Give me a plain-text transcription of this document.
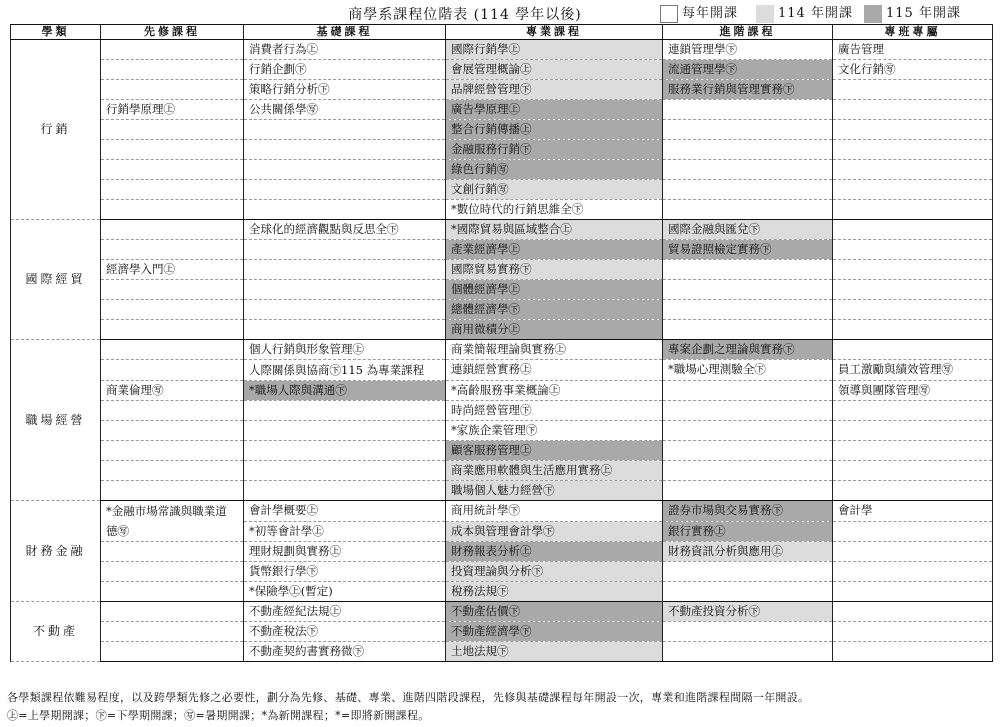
商學系課程位階表 (114 學年以後)	每年開課	114 年開課	115 年開課
學類	先修課程	基礎課程	專業課程	進階課程	專班專屬
行銷		消費者行為㊤	國際行銷學㊤	連鎖管理學㊦	廣告管理
		行銷企劃㊦	會展管理概論㊤	流通管理學㊦	文化行銷㊢
		策略行銷分析㊦	品牌經營管理㊦	服務業行銷與管理實務㊦	
	行銷學原理㊤	公共關係學㊢	廣告學原理㊤		
			整合行銷傳播㊤		
			金融服務行銷㊦		
			綠色行銷㊢		
			文創行銷㊢		
			*數位時代的行銷思維全㊦		
國際經貿		全球化的經濟觀點與反思全㊦	*國際貿易與區域整合㊤	國際金融與匯兌㊦	
			產業經濟學㊤	貿易證照檢定實務㊦	
	經濟學入門㊤		國際貿易實務㊦		
			個體經濟學㊤		
			總體經濟學㊦		
			商用微積分㊤		
職場經營		個人行銷與形象管理㊤	商業簡報理論與實務㊤	專案企劃之理論與實務㊦	
		人際關係與協商㊦115 為專業課程	連鎖經營實務㊤	*職場心理測驗全㊦	員工激勵與績效管理㊢
	商業倫理㊢	*職場人際與溝通㊦	*高齡服務事業概論㊤		領導與團隊管理㊢
			時尚經營管理㊦		
			*家族企業管理㊦		
			顧客服務管理㊤		
			商業應用軟體與生活應用實務㊤		
			職場個人魅力經營㊦		
財務金融	*金融市場常識與職業道德㊢	會計學概要㊤	商用統計學㊦	證券市場與交易實務㊦	會計學
		*初等會計學㊤	成本與管理會計學㊦	銀行實務㊤	
		理財規劃與實務㊤	財務報表分析㊤	財務資訊分析與應用㊤	
		貨幣銀行學㊦	投資理論與分析㊦		
		*保險學㊤(暫定)	稅務法規㊦		
不動產		不動產經紀法規㊤	不動產估價㊦	不動產投資分析㊦	
		不動產稅法㊦	不動產經濟學㊦		
		不動產契約書實務微㊦	土地法規㊦		
各學類課程依難易程度，以及跨學類先修之必要性，劃分為先修、基礎、專業、進階四階段課程，先修與基礎課程每年開設一次，專業和進階課程間隔一年開設。
㊤=上學期開課；㊦=下學期開課；㊢=暑期開課；*為新開課程；*=即將新開課程。
